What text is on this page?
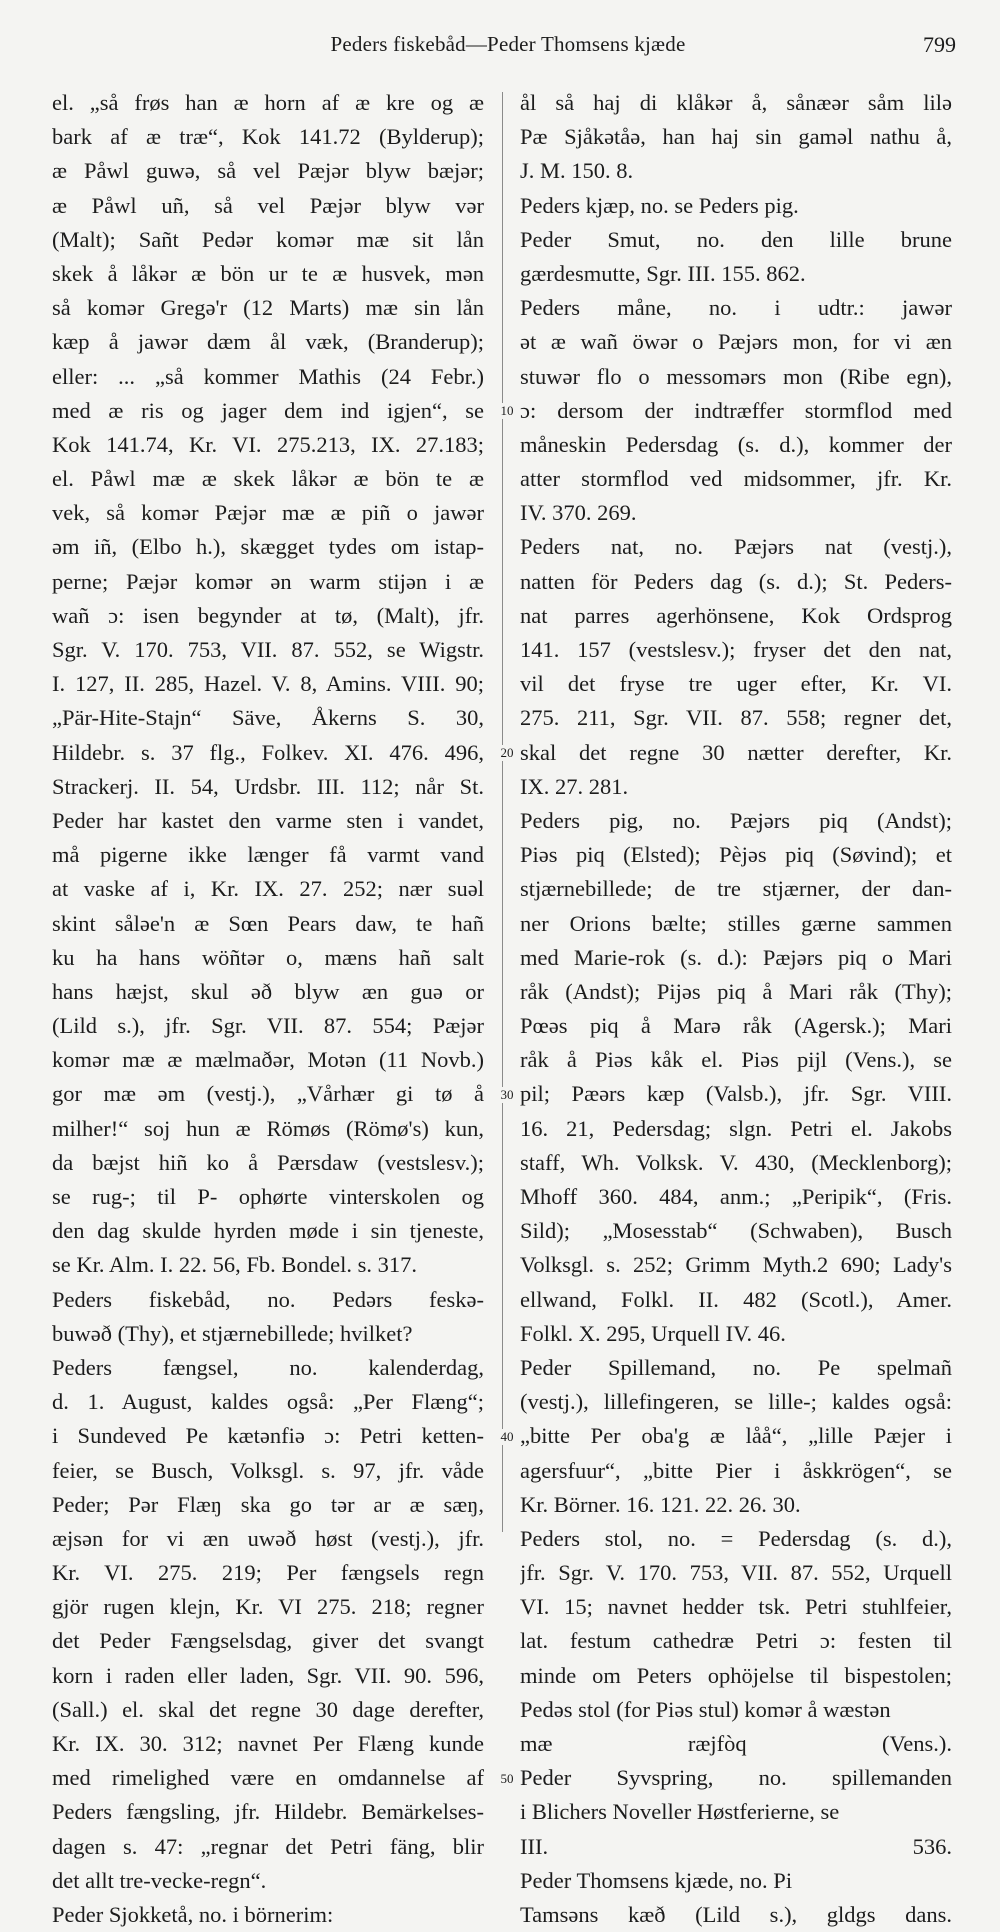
Peders fiskebåd—Peder Thomsens kjæde	799
el. „så frøs han æ horn af æ kre og æ
bark af æ træ“, Kok 141.72 (Bylderup);
æ Påwl guwə, så vel Pæjər blyw bæjər;
æ Påwl uñ, så vel Pæjər blyw vər
(Malt); Sañt Pedər komər mæ sit lån
skek å låkər æ bön ur te æ husvek, mən
så komər Gregə'r (12 Marts) mæ sin lån
kæp å jawər dæm ål væk, (Branderup);
eller: ... „så kommer Mathis (24 Febr.)
med æ ris og jager dem ind igjen“, se
Kok 141.74, Kr. VI. 275.213, IX. 27.183;
el. Påwl mæ æ skek låkər æ bön te æ
vek, så komər Pæjər mæ æ piñ o jawər
əm iñ, (Elbo h.), skægget tydes om istap-
perne; Pæjər komər ən warm stijən i æ
wañ ɔ: isen begynder at tø, (Malt), jfr.
Sgr. V. 170. 753, VII. 87. 552, se Wigstr.
I. 127, II. 285, Hazel. V. 8, Amins. VIII. 90;
„Pär-Hite-Stajn“ Säve, Åkerns S. 30,
Hildebr. s. 37 flg., Folkev. XI. 476. 496,
Strackerj. II. 54, Urdsbr. III. 112; når St.
Peder har kastet den varme sten i vandet,
må pigerne ikke længer få varmt vand
at vaske af i, Kr. IX. 27. 252; nær suəl
skint såləe'n æ Sœn Pears daw, te hañ
ku ha hans wöñtər o, mæns hañ salt
hans hæjst, skul əð blyw æn guə or
(Lild s.), jfr. Sgr. VII. 87. 554; Pæjər
komər mæ æ mælmaðər, Motən (11 Novb.)
gor mæ əm (vestj.), „Vårhær gi tø å
milher!“ soj hun æ Römøs (Römø's) kun,
da bæjst hiñ ko å Pærsdaw (vestslesv.);
se rug-; til P- ophørte vinterskolen og
den dag skulde hyrden møde i sin tjeneste,
se Kr. Alm. I. 22. 56, Fb. Bondel. s. 317.
Peders fiskebåd, no. Pedərs feskə-
buwəð (Thy), et stjærnebillede; hvilket?
Peders fængsel, no. kalenderdag,
d. 1. August, kaldes også: „Per Flæng“;
i Sundeved Pe kætənfiə ɔ: Petri ketten-
feier, se Busch, Volksgl. s. 97, jfr. våde
Peder; Pər Flæŋ ska go tər ar æ sæŋ,
æjsən for vi æn uwəð høst (vestj.), jfr.
Kr. VI. 275. 219; Per fængsels regn
gjör rugen klejn, Kr. VI 275. 218; regner
det Peder Fængselsdag, giver det svangt
korn i raden eller laden, Sgr. VII. 90. 596,
(Sall.) el. skal det regne 30 dage derefter,
Kr. IX. 30. 312; navnet Per Flæng kunde
med rimelighed være en omdannelse af
Peders fængsling, jfr. Hildebr. Bemärkelses-
dagen s. 47: „regnar det Petri fäng, blir
det allt tre-vecke-regn“.
Peder Sjokketå, no. i börnerim:
ål så haj di klåkər å, sånæər såm lilə
Pæ Sjåkətåə, han haj sin gaməl nathu å,
J. M. 150. 8.
Peders kjæp, no. se Peders pig.
Peder Smut, no. den lille brune
gærdesmutte, Sgr. III. 155. 862.
Peders måne, no. i udtr.: jawər
ət æ wañ öwər o Pæjərs mon, for vi æn
stuwər flo o messomərs mon (Ribe egn),
ɔ: dersom der indtræffer stormflod med
måneskin Pedersdag (s. d.), kommer der
atter stormflod ved midsommer, jfr. Kr.
IV. 370. 269.
Peders nat, no. Pæjərs nat (vestj.),
natten för Peders dag (s. d.); St. Peders-
nat parres agerhönsene, Kok Ordsprog
141. 157 (vestslesv.); fryser det den nat,
vil det fryse tre uger efter, Kr. VI.
275. 211, Sgr. VII. 87. 558; regner det,
skal det regne 30 nætter derefter, Kr.
IX. 27. 281.
Peders pig, no. Pæjərs piq (Andst);
Piəs piq (Elsted); Pèjəs piq (Søvind); et
stjærnebillede; de tre stjærner, der dan-
ner Orions bælte; stilles gærne sammen
med Marie-rok (s. d.): Pæjərs piq o Mari
råk (Andst); Pijəs piq å Mari råk (Thy);
Pœəs piq å Marə råk (Agersk.); Mari
råk å Piəs kåk el. Piəs pijl (Vens.), se
pil; Pæərs kæp (Valsb.), jfr. Sgr. VIII.
16. 21, Pedersdag; slgn. Petri el. Jakobs
staff, Wh. Volksk. V. 430, (Mecklenborg);
Mhoff 360. 484, anm.; „Peripik“, (Fris.
Sild); „Mosesstab“ (Schwaben), Busch
Volksgl. s. 252; Grimm Myth.2 690; Lady's
ellwand, Folkl. II. 482 (Scotl.), Amer.
Folkl. X. 295, Urquell IV. 46.
Peder Spillemand, no. Pe spelmañ
(vestj.), lillefingeren, se lille-; kaldes også:
„bitte Per oba'g æ låå“, „lille Pæjer i
agersfuur“, „bitte Pier i åskkrögen“, se
Kr. Börner. 16. 121. 22. 26. 30.
Peders stol, no. = Pedersdag (s. d.),
jfr. Sgr. V. 170. 753, VII. 87. 552, Urquell
VI. 15; navnet hedder tsk. Petri stuhlfeier,
lat. festum cathedræ Petri ɔ: festen til
minde om Peters ophöjelse til bispestolen;
Pedəs stol (for Piəs stul) komər å wæstən
mæ ræjfòq (Vens.).
Peder Syvspring, no. spillemanden
i Blichers Noveller Høstferierne, se
III. 536.
Peder Thomsens kjæde, no. Pi
Tamsəns kæð (Lild s.), gldgs dans.
10
20
30
40
50
